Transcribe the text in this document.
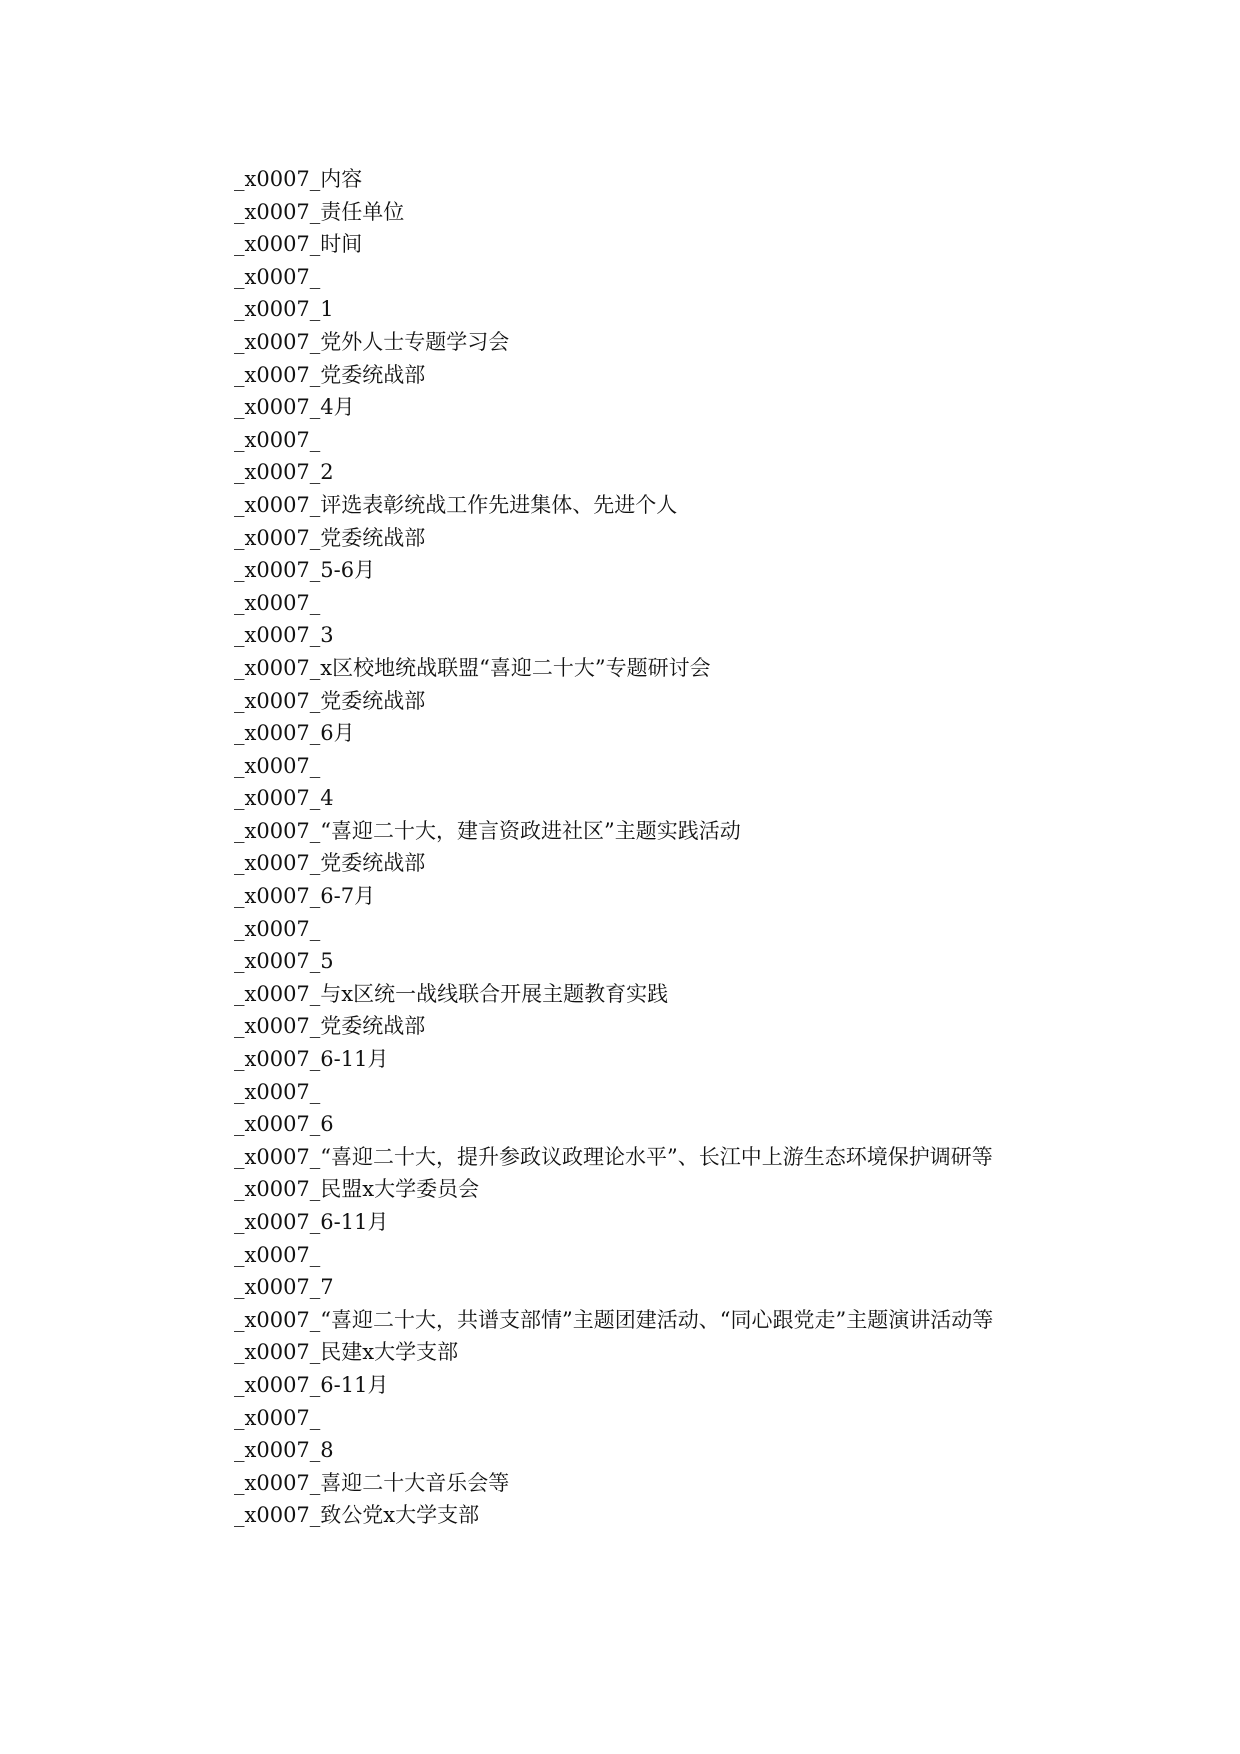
_x0007_内容

_x0007_责任单位

_x0007_时间

_x0007_

_x0007_1

_x0007_党外人士专题学习会

_x0007_党委统战部

_x0007_4月

_x0007_

_x0007_2

_x0007_评选表彰统战工作先进集体、先进个人

_x0007_党委统战部

_x0007_5-6月

_x0007_

_x0007_3

_x0007_x区校地统战联盟“喜迎二十大”专题研讨会

_x0007_党委统战部

_x0007_6月

_x0007_

_x0007_4

_x0007_“喜迎二十大，建言资政进社区”主题实践活动

_x0007_党委统战部

_x0007_6-7月

_x0007_

_x0007_5

_x0007_与x区统一战线联合开展主题教育实践

_x0007_党委统战部

_x0007_6-11月

_x0007_

_x0007_6

_x0007_“喜迎二十大，提升参政议政理论水平”、长江中上游生态环境保护调研等

_x0007_民盟x大学委员会

_x0007_6-11月

_x0007_

_x0007_7

_x0007_“喜迎二十大，共谱支部情”主题团建活动、“同心跟党走”主题演讲活动等

_x0007_民建x大学支部

_x0007_6-11月

_x0007_

_x0007_8

_x0007_喜迎二十大音乐会等

_x0007_致公党x大学支部
